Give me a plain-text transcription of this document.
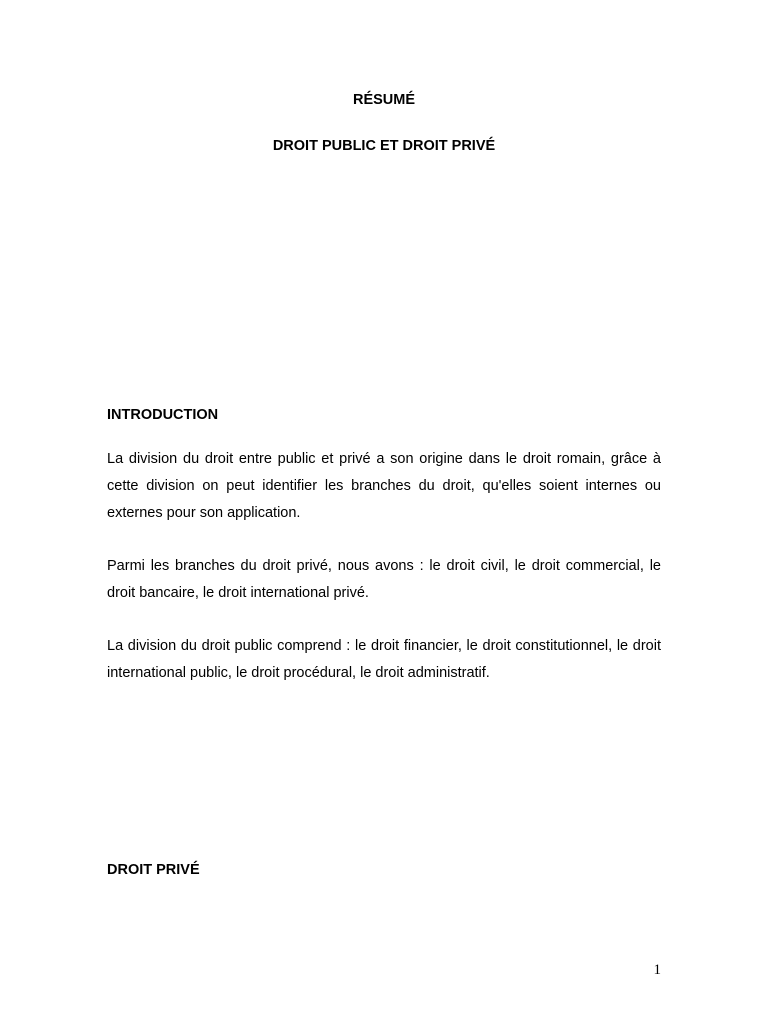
RÉSUMÉ
DROIT PUBLIC ET DROIT PRIVÉ
INTRODUCTION

La division du droit entre public et privé a son origine dans le droit romain, grâce à cette division on peut identifier les branches du droit, qu'elles soient internes ou externes pour son application.

Parmi les branches du droit privé, nous avons : le droit civil, le droit commercial, le droit bancaire, le droit international privé.

La division du droit public comprend : le droit financier, le droit constitutionnel, le droit international public, le droit procédural, le droit administratif.

DROIT PRIVÉ
1
